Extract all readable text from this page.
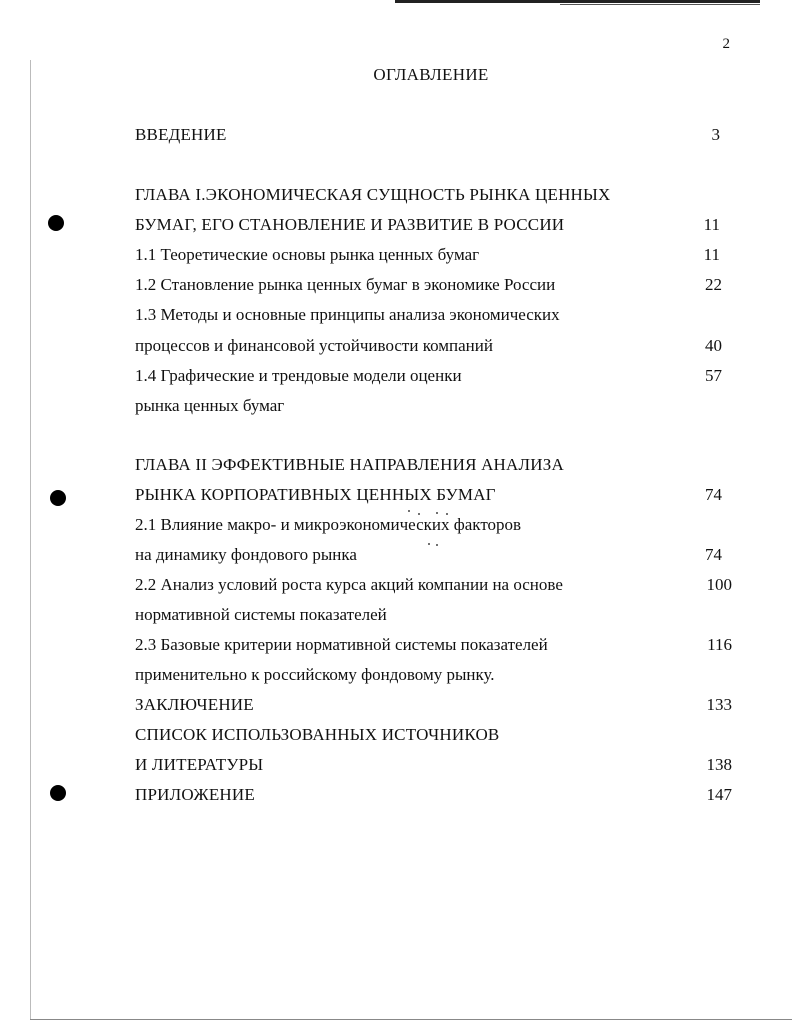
2
ОГЛАВЛЕНИЕ
ВВЕДЕНИЕ	3
ГЛАВА I.ЭКОНОМИЧЕСКАЯ СУЩНОСТЬ РЫНКА ЦЕННЫХ
БУМАГ, ЕГО СТАНОВЛЕНИЕ И РАЗВИТИЕ В РОССИИ	11
1.1 Теоретические основы рынка ценных бумаг	11
1.2 Становление рынка ценных бумаг в экономике России	22
1.3 Методы и основные принципы анализа экономических
процессов и финансовой устойчивости компаний	40
1.4 Графические и трендовые модели оценки	57
рынка ценных бумаг
ГЛАВА II ЭФФЕКТИВНЫЕ НАПРАВЛЕНИЯ АНАЛИЗА
РЫНКА КОРПОРАТИВНЫХ ЦЕННЫХ БУМАГ	74
2.1 Влияние макро- и микроэкономических факторов
на динамику фондового рынка	74
2.2 Анализ условий роста курса акций компании на основе	100
нормативной системы показателей
2.3 Базовые критерии нормативной системы показателей	116
применительно к российскому фондовому рынку.
ЗАКЛЮЧЕНИЕ	133
СПИСОК ИСПОЛЬЗОВАННЫХ ИСТОЧНИКОВ
И ЛИТЕРАТУРЫ	138
ПРИЛОЖЕНИЕ	147
